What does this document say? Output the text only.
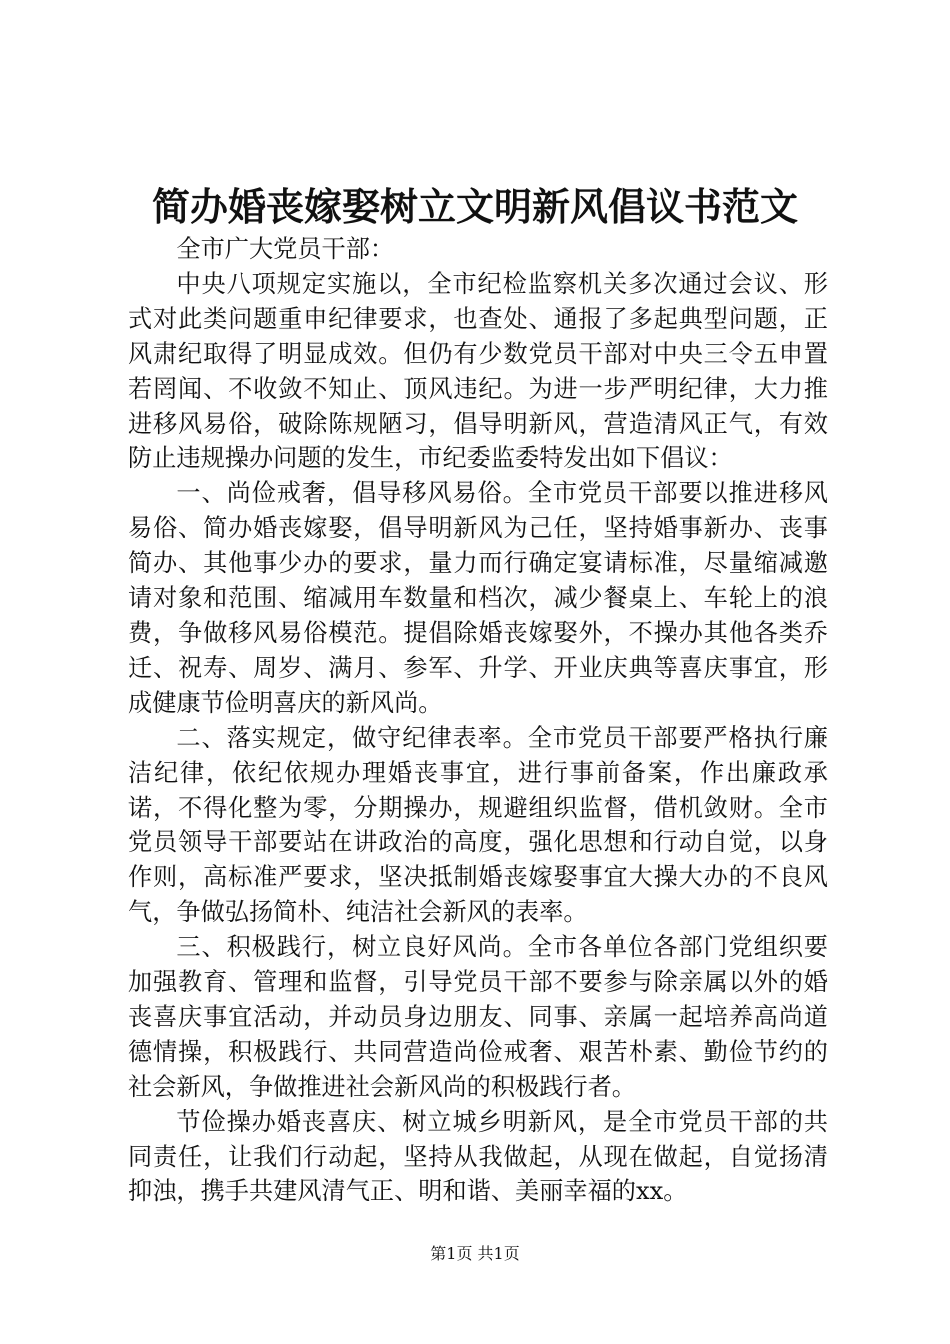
简办婚丧嫁娶树立文明新风倡议书范文

全市广大党员干部：

中央八项规定实施以，全市纪检监察机关多次通过会议、形式对此类问题重申纪律要求，也查处、通报了多起典型问题，正风肃纪取得了明显成效。但仍有少数党员干部对中央三令五申置若罔闻、不收敛不知止、顶风违纪。为进一步严明纪律，大力推进移风易俗，破除陈规陋习，倡导明新风，营造清风正气，有效防止违规操办问题的发生，市纪委监委特发出如下倡议：

一、尚俭戒奢，倡导移风易俗。全市党员干部要以推进移风易俗、简办婚丧嫁娶，倡导明新风为己任，坚持婚事新办、丧事简办、其他事少办的要求，量力而行确定宴请标准，尽量缩减邀请对象和范围、缩减用车数量和档次，减少餐桌上、车轮上的浪费，争做移风易俗模范。提倡除婚丧嫁娶外，不操办其他各类乔迁、祝寿、周岁、满月、参军、升学、开业庆典等喜庆事宜，形成健康节俭明喜庆的新风尚。

二、落实规定，做守纪律表率。全市党员干部要严格执行廉洁纪律，依纪依规办理婚丧事宜，进行事前备案，作出廉政承诺，不得化整为零，分期操办，规避组织监督，借机敛财。全市党员领导干部要站在讲政治的高度，强化思想和行动自觉，以身作则，高标准严要求，坚决抵制婚丧嫁娶事宜大操大办的不良风气，争做弘扬简朴、纯洁社会新风的表率。

三、积极践行，树立良好风尚。全市各单位各部门党组织要加强教育、管理和监督，引导党员干部不要参与除亲属以外的婚丧喜庆事宜活动，并动员身边朋友、同事、亲属一起培养高尚道德情操，积极践行、共同营造尚俭戒奢、艰苦朴素、勤俭节约的社会新风，争做推进社会新风尚的积极践行者。

节俭操办婚丧喜庆、树立城乡明新风，是全市党员干部的共同责任，让我们行动起，坚持从我做起，从现在做起，自觉扬清抑浊，携手共建风清气正、明和谐、美丽幸福的xx。

第1页 共1页
